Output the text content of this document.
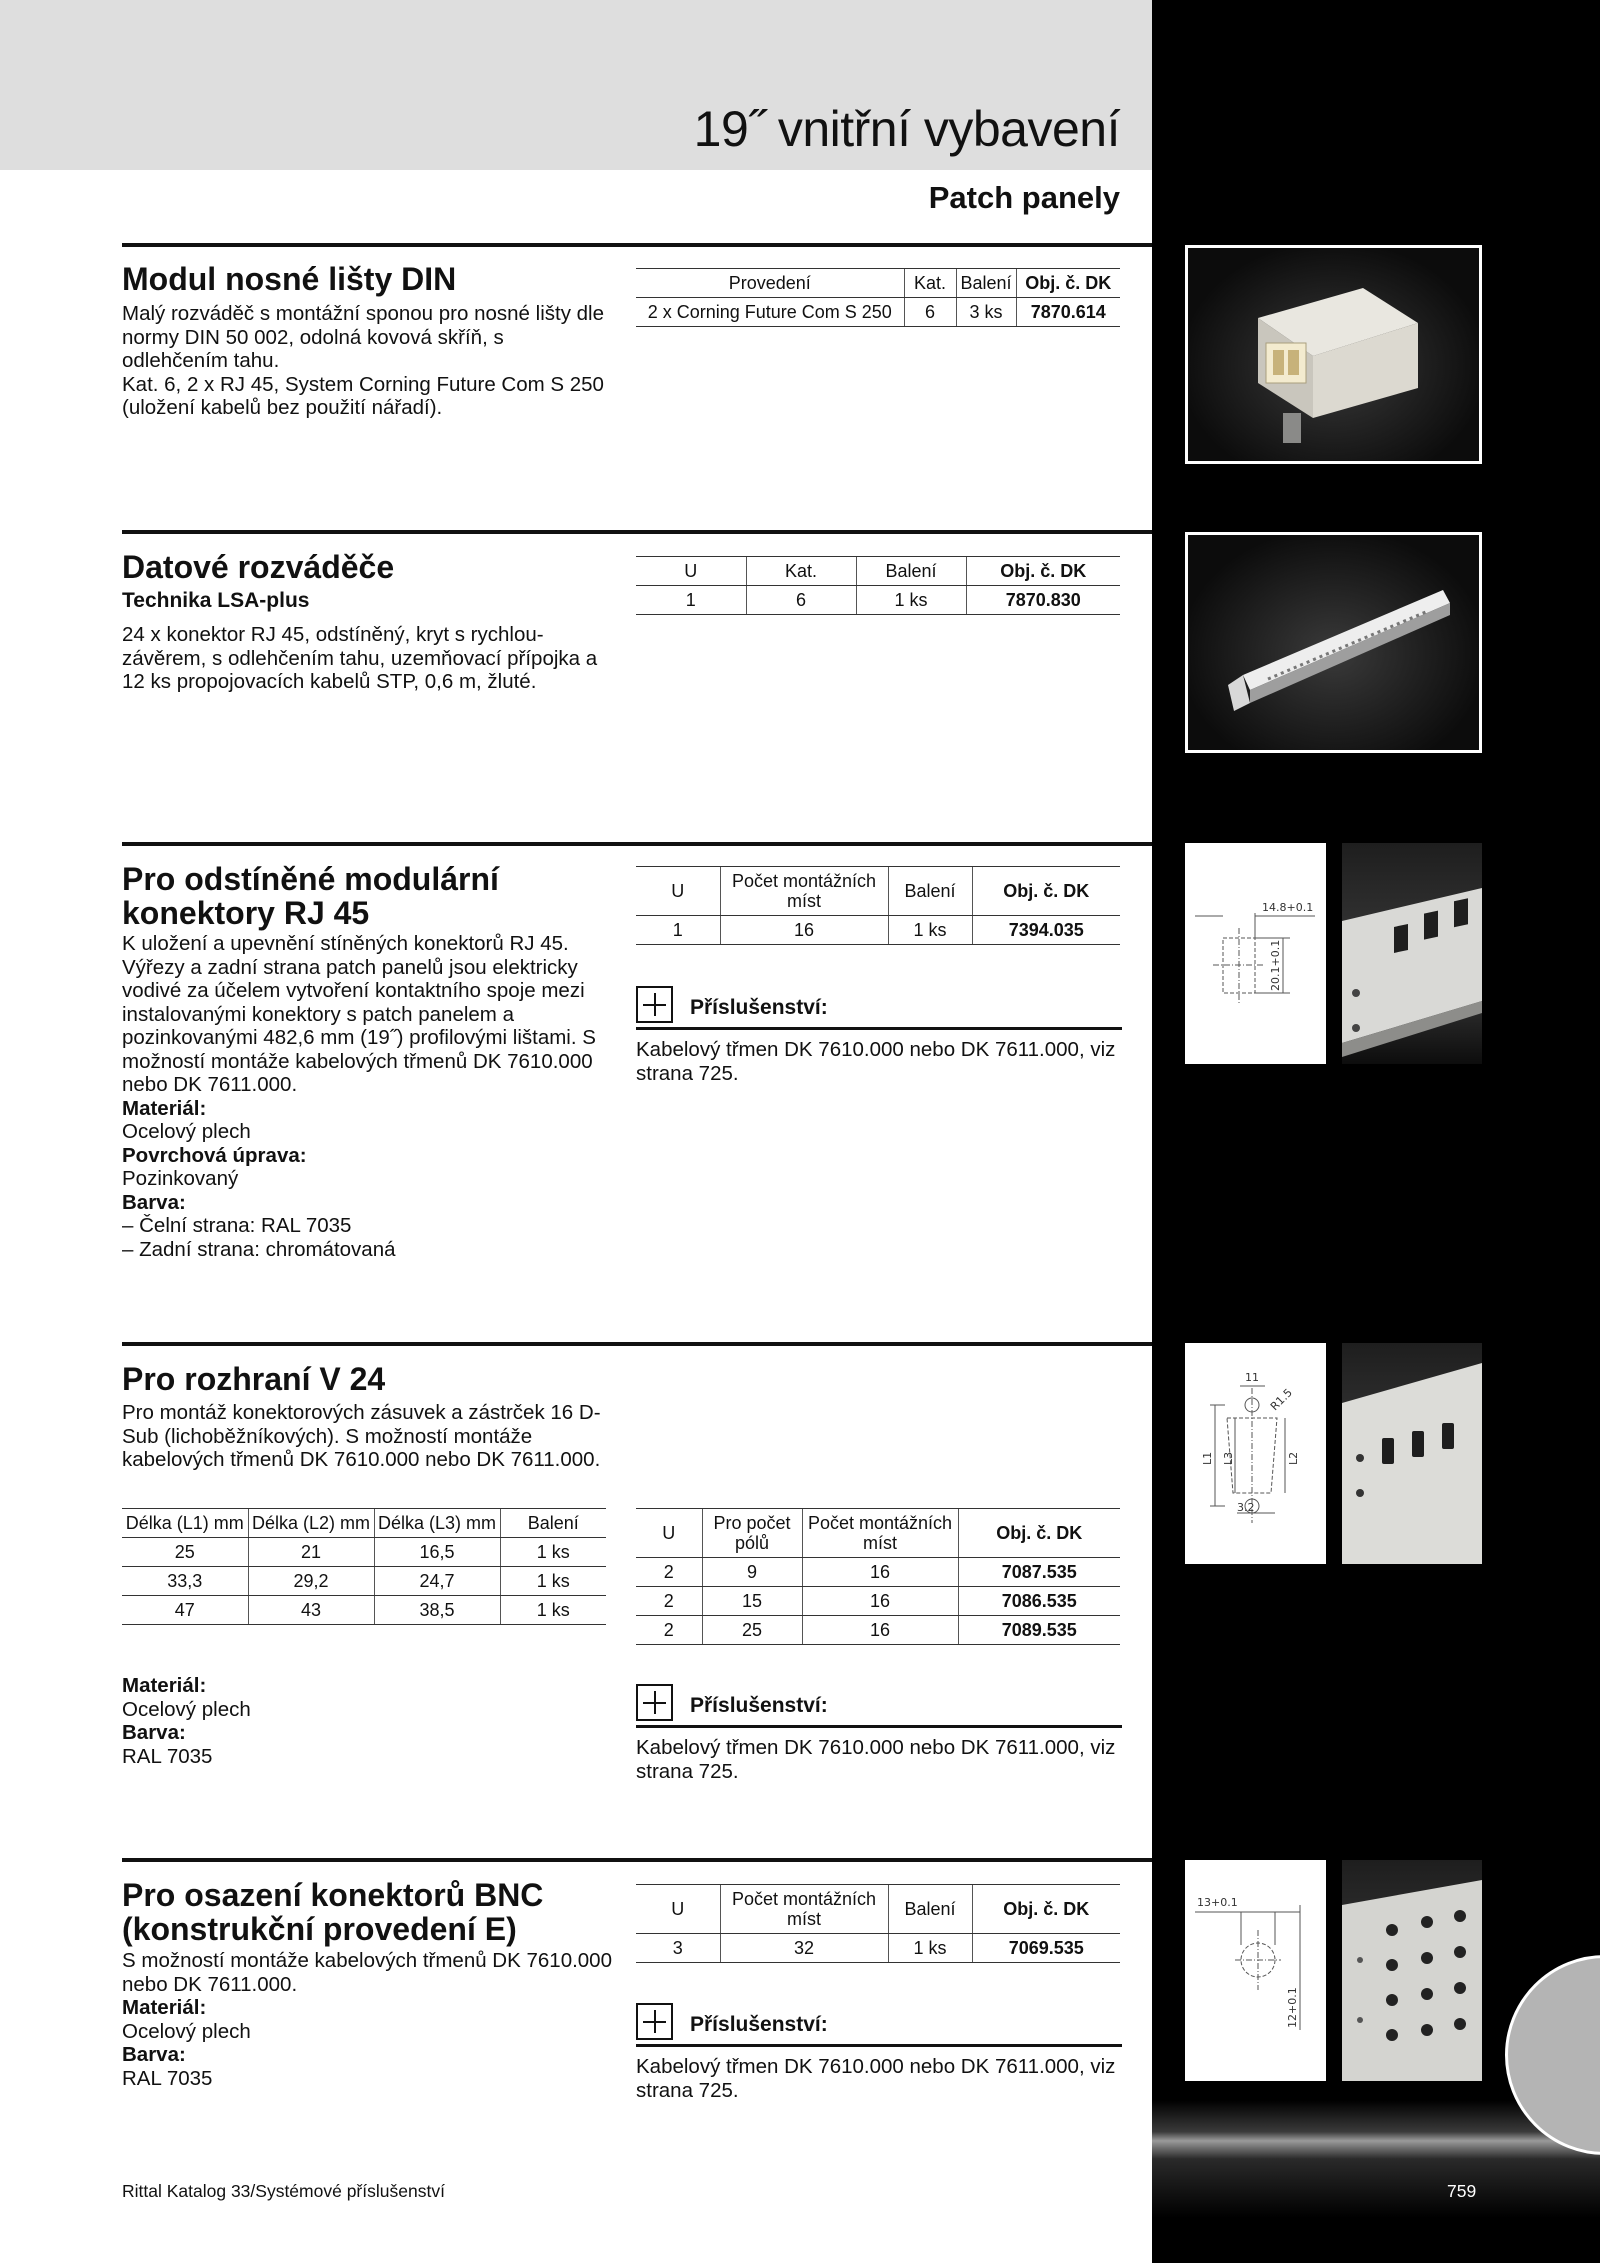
19˝ vnitřní vybavení
Patch panely
Modul nosné lišty DIN

Malý rozváděč s montážní sponou pro nosné lišty dle normy DIN 50 002, odolná kovová skříň, s odlehčením tahu.

Kat. 6, 2 x RJ 45, System Corning Future Com S 250 (uložení kabelů bez použití nářadí).

Provedení	Kat.	Balení	Obj. č. DK
2 x Corning Future Com S 250	6	3 ks	7870.614
Datové rozváděče
Technika LSA-plus
24 x konektor RJ 45, odstíněný, kryt s rychlouzávěrem, s odlehčením tahu, uzemňovací přípojka a 12 ks propojovacích kabelů STP, 0,6 m, žluté.
U	Kat.	Balení	Obj. č. DK
1	6	1 ks	7870.830
Pro odstíněné modulární konektory RJ 45

K uložení a upevnění stíněných konektorů RJ 45. Výřezy a zadní strana patch panelů jsou elektricky vodivé za účelem vytvoření kontaktního spoje mezi instalovanými konektory s patch panelem a pozinkovanými 482,6 mm (19˝) profilovými lištami. S možností montáže kabelových třmenů DK 7610.000 nebo DK 7611.000.

Materiál:

Ocelový plech

Povrchová úprava:

Pozinkovaný

Barva:

– Čelní strana: RAL 7035
– Zadní strana: chromátovaná
U	Počet montážních míst	Balení	Obj. č. DK
1	16	1 ks	7394.035
Příslušenství:
Kabelový třmen DK 7610.000 nebo DK 7611.000, viz strana 725.
14.8+0.1
20.1+0.1
Pro rozhraní V 24
Pro montáž konektorových zásuvek a zástrček 16 D-Sub (lichoběžníkových). S možností montáže kabelových třmenů DK 7610.000 nebo DK 7611.000.
Délka (L1) mm	Délka (L2) mm	Délka (L3) mm	Balení
25	21	16,5	1 ks
33,3	29,2	24,7	1 ks
47	43	38,5	1 ks
U	Pro počet pólů	Počet montážních míst	Obj. č. DK
2	9	16	7087.535
2	15	16	7086.535
2	25	16	7089.535

Materiál:

Ocelový plech

Barva:

RAL 7035

Příslušenství:
Kabelový třmen DK 7610.000 nebo DK 7611.000, viz strana 725.
11
R1.5
L1 L3	L2
3.2
Pro osazení konektorů BNC (konstrukční provedení E)

S možností montáže kabelových třmenů DK 7610.000 nebo DK 7611.000.

Materiál:

Ocelový plech

Barva:

RAL 7035

U	Počet montážních míst	Balení	Obj. č. DK
3	32	1 ks	7069.535
Příslušenství:
Kabelový třmen DK 7610.000 nebo DK 7611.000, viz strana 725.
13+0.1
12+0.1
Rittal Katalog 33/Systémové příslušenství	759
